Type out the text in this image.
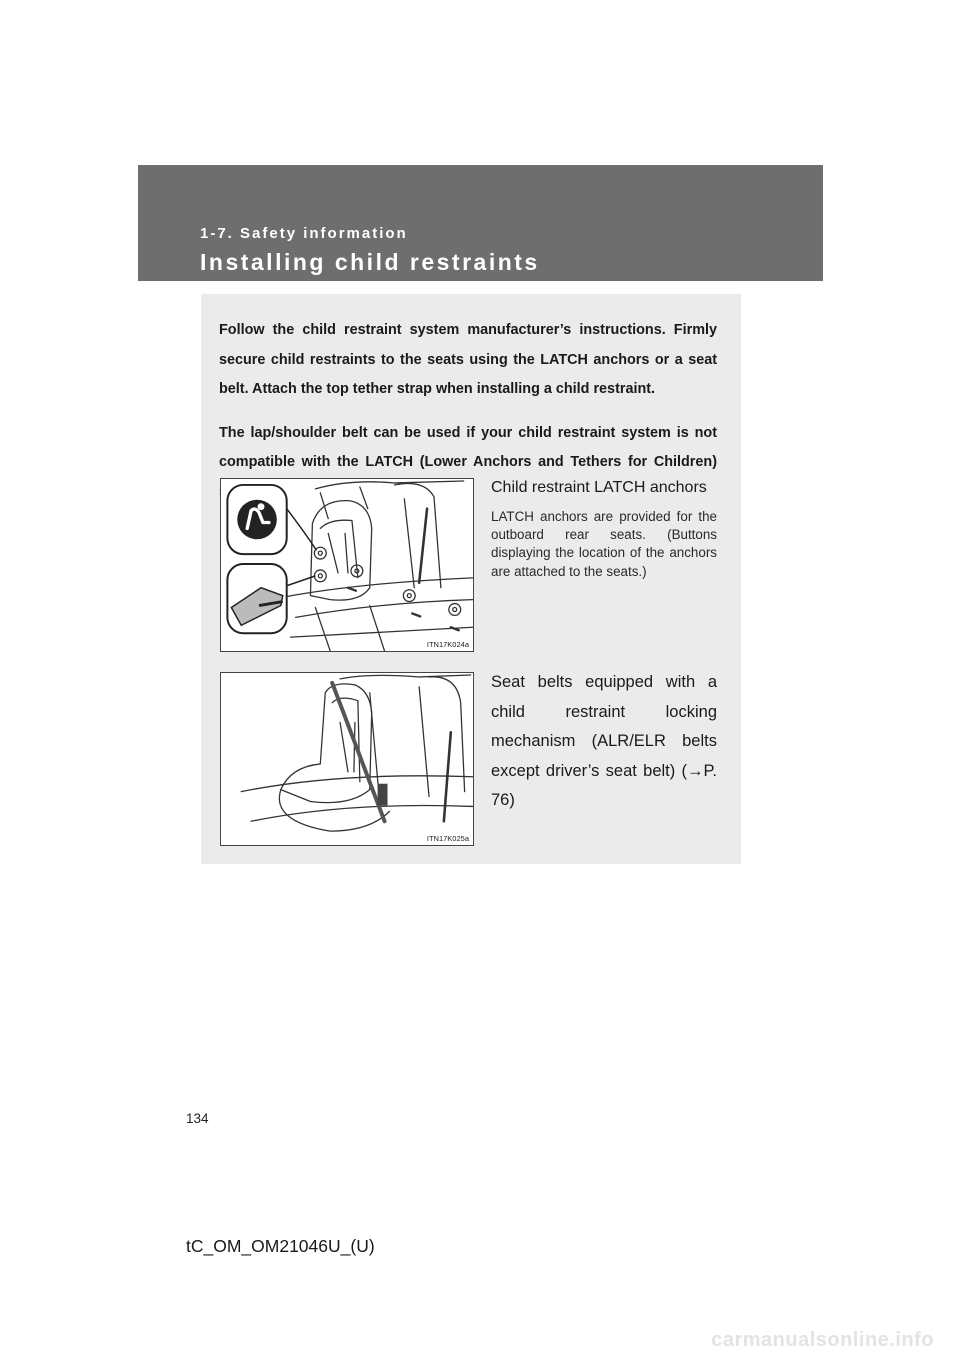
1-7. Safety information

Installing child restraints

Follow the child restraint system manufacturer’s instructions. Firmly secure child restraints to the seats using the LATCH anchors or a seat belt. Attach the top tether strap when installing a child restraint.

The lap/shoulder belt can be used if your child restraint system is not compatible with the LATCH (Lower Anchors and Tethers for Children)

ITN17K024a

Child restraint LATCH anchors

LATCH anchors are provided for the outboard rear seats. (Buttons displaying the location of the anchors are attached to the seats.)

ITN17K025a

Seat belts equipped with a child restraint locking mechanism (ALR/ELR belts except driver’s seat belt) (→P. 76)

134

tC_OM_OM21046U_(U)

carmanualsonline.info
